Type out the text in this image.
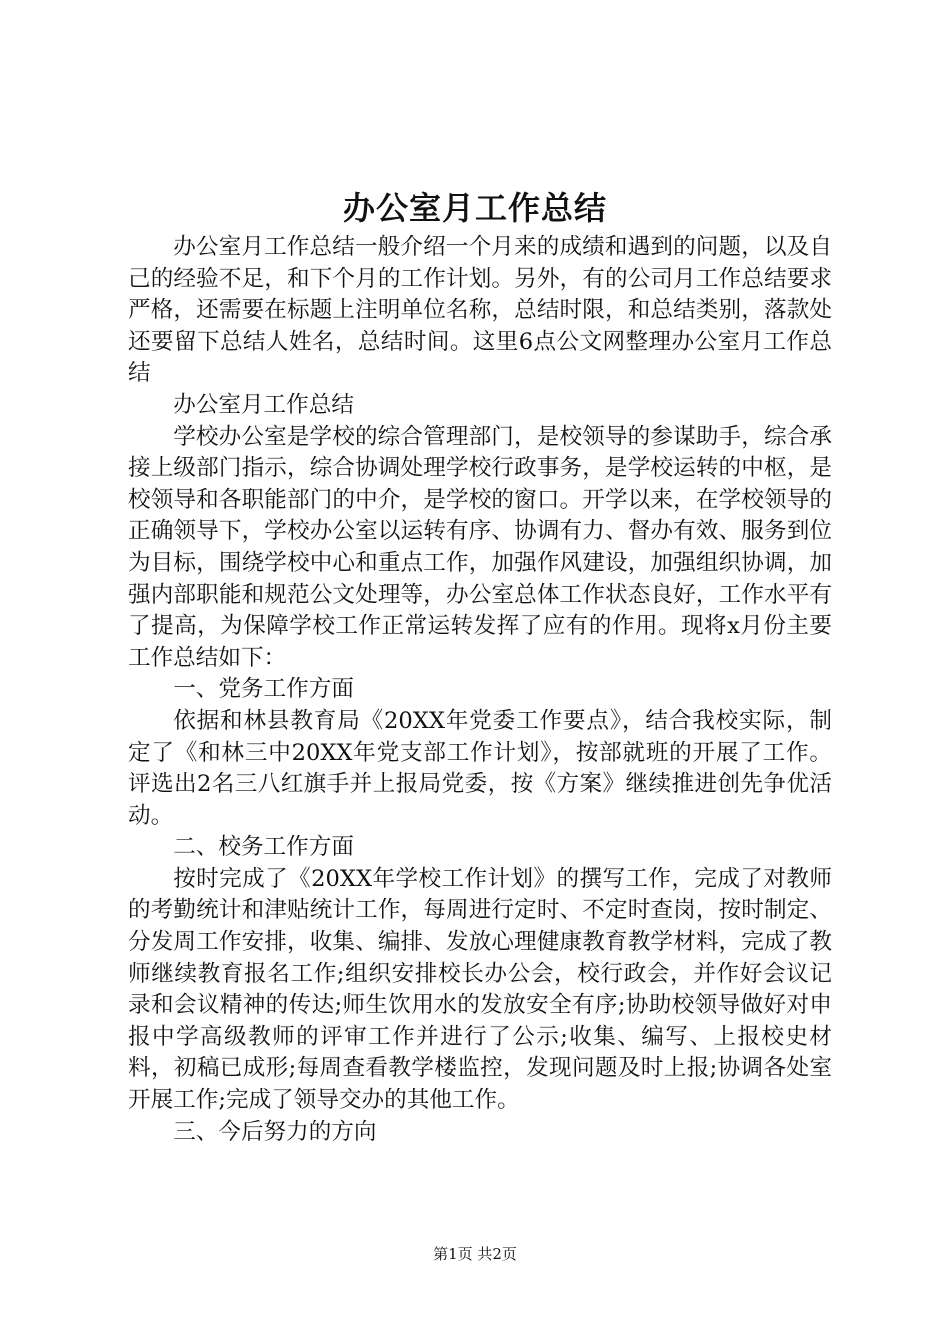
办公室月工作总结

办公室月工作总结一般介绍一个月来的成绩和遇到的问题，以及自己的经验不足，和下个月的工作计划。另外，有的公司月工作总结要求严格，还需要在标题上注明单位名称，总结时限，和总结类别，落款处还要留下总结人姓名，总结时间。这里6点公文网整理办公室月工作总结

办公室月工作总结

学校办公室是学校的综合管理部门，是校领导的参谋助手，综合承接上级部门指示，综合协调处理学校行政事务，是学校运转的中枢，是校领导和各职能部门的中介，是学校的窗口。开学以来，在学校领导的正确领导下，学校办公室以运转有序、协调有力、督办有效、服务到位为目标，围绕学校中心和重点工作，加强作风建设，加强组织协调，加强内部职能和规范公文处理等，办公室总体工作状态良好，工作水平有了提高，为保障学校工作正常运转发挥了应有的作用。现将x月份主要工作总结如下：

一、党务工作方面

依据和林县教育局《20XX年党委工作要点》，结合我校实际，制定了《和林三中20XX年党支部工作计划》，按部就班的开展了工作。评选出2名三八红旗手并上报局党委，按《方案》继续推进创先争优活动。

二、校务工作方面

按时完成了《20XX年学校工作计划》的撰写工作，完成了对教师的考勤统计和津贴统计工作，每周进行定时、不定时查岗，按时制定、分发周工作安排，收集、编排、发放心理健康教育教学材料，完成了教师继续教育报名工作;组织安排校长办公会，校行政会，并作好会议记录和会议精神的传达;师生饮用水的发放安全有序;协助校领导做好对申报中学高级教师的评审工作并进行了公示;收集、编写、上报校史材料，初稿已成形;每周查看教学楼监控，发现问题及时上报;协调各处室开展工作;完成了领导交办的其他工作。

三、今后努力的方向

第1页 共2页
